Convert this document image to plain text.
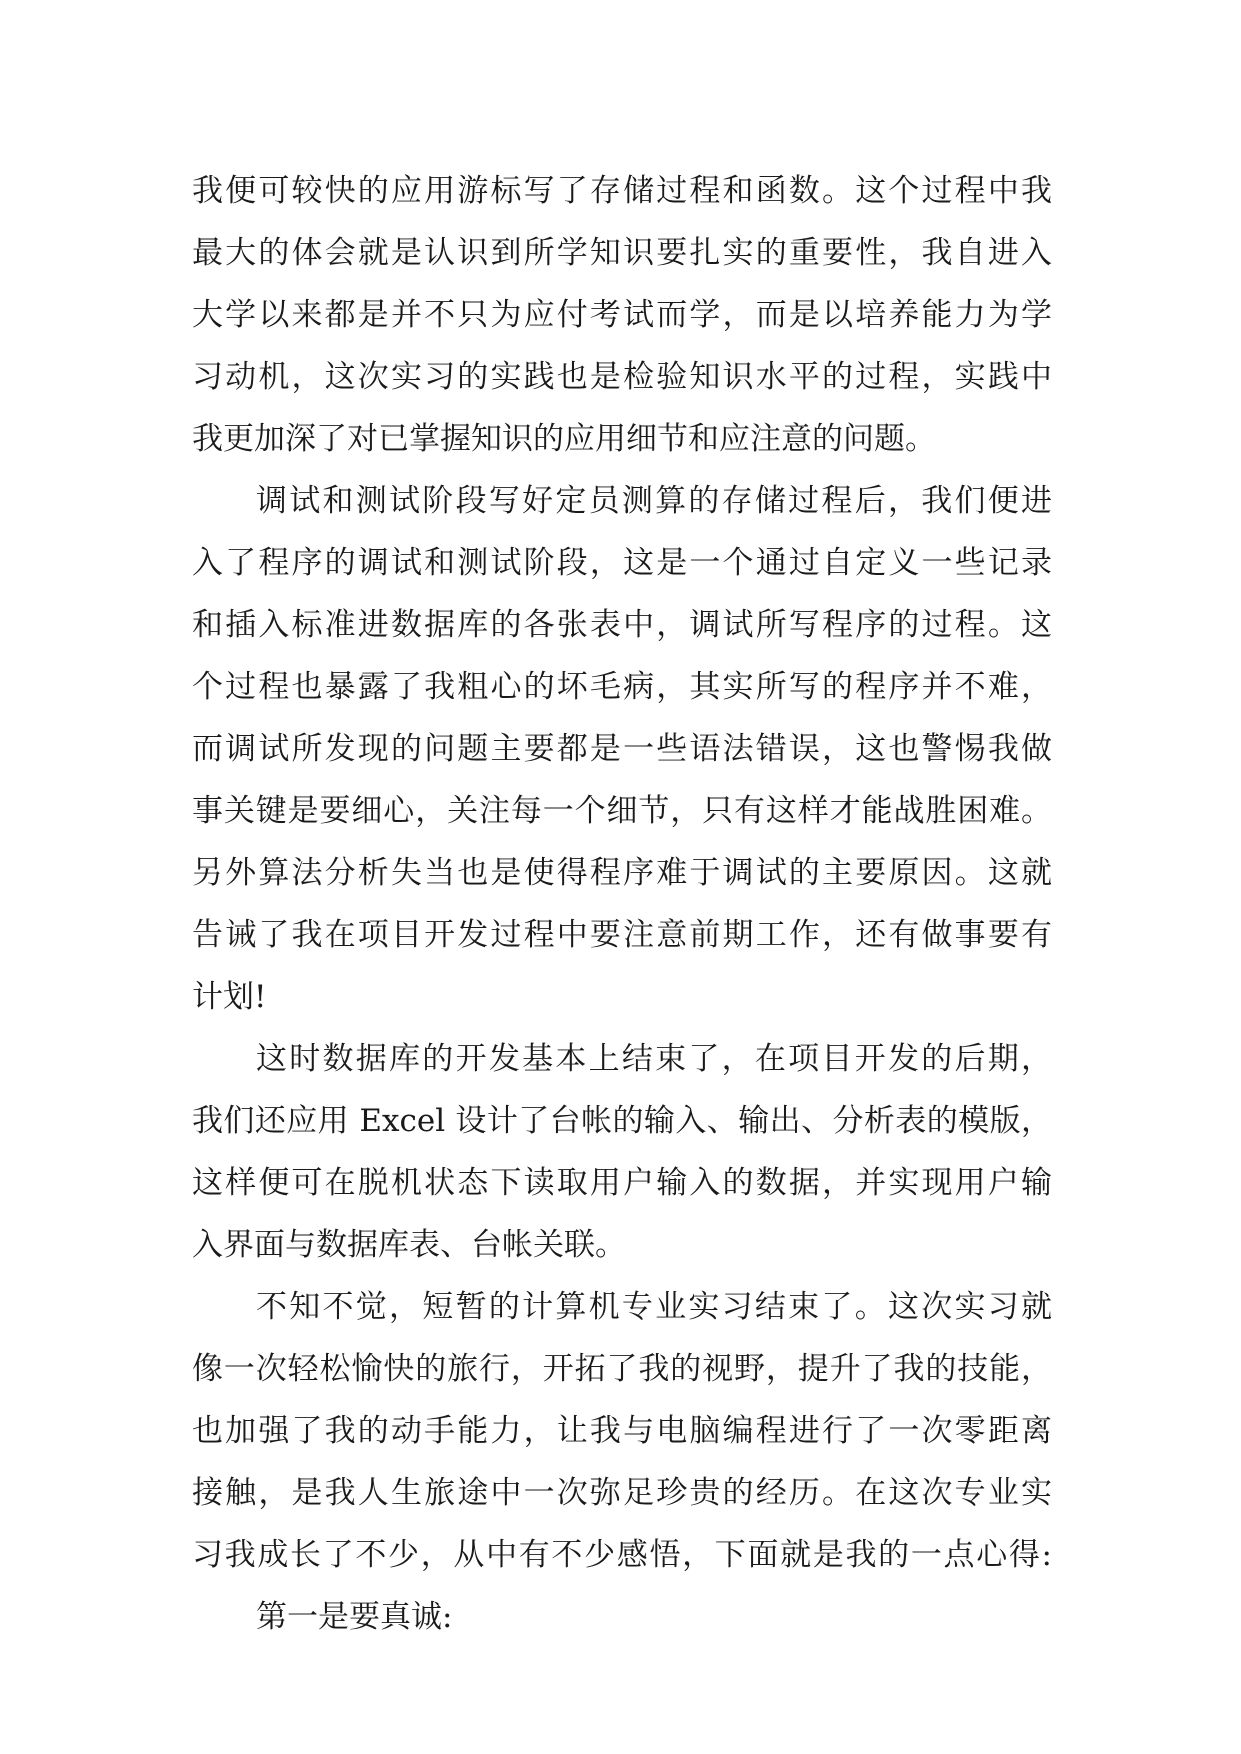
我便可较快的应用游标写了存储过程和函数。这个过程中我
最大的体会就是认识到所学知识要扎实的重要性，我自进入
大学以来都是并不只为应付考试而学，而是以培养能力为学
习动机，这次实习的实践也是检验知识水平的过程，实践中
我更加深了对已掌握知识的应用细节和应注意的问题。
调试和测试阶段写好定员测算的存储过程后，我们便进
入了程序的调试和测试阶段，这是一个通过自定义一些记录
和插入标准进数据库的各张表中，调试所写程序的过程。这
个过程也暴露了我粗心的坏毛病，其实所写的程序并不难，
而调试所发现的问题主要都是一些语法错误，这也警惕我做
事关键是要细心，关注每一个细节，只有这样才能战胜困难。
另外算法分析失当也是使得程序难于调试的主要原因。这就
告诫了我在项目开发过程中要注意前期工作，还有做事要有
计划!
这时数据库的开发基本上结束了，在项目开发的后期，
我们还应用 Excel 设计了台帐的输入、输出、分析表的模版，
这样便可在脱机状态下读取用户输入的数据，并实现用户输
入界面与数据库表、台帐关联。
不知不觉，短暂的计算机专业实习结束了。这次实习就
像一次轻松愉快的旅行，开拓了我的视野，提升了我的技能，
也加强了我的动手能力，让我与电脑编程进行了一次零距离
接触，是我人生旅途中一次弥足珍贵的经历。在这次专业实
习我成长了不少，从中有不少感悟，下面就是我的一点心得:
第一是要真诚:
